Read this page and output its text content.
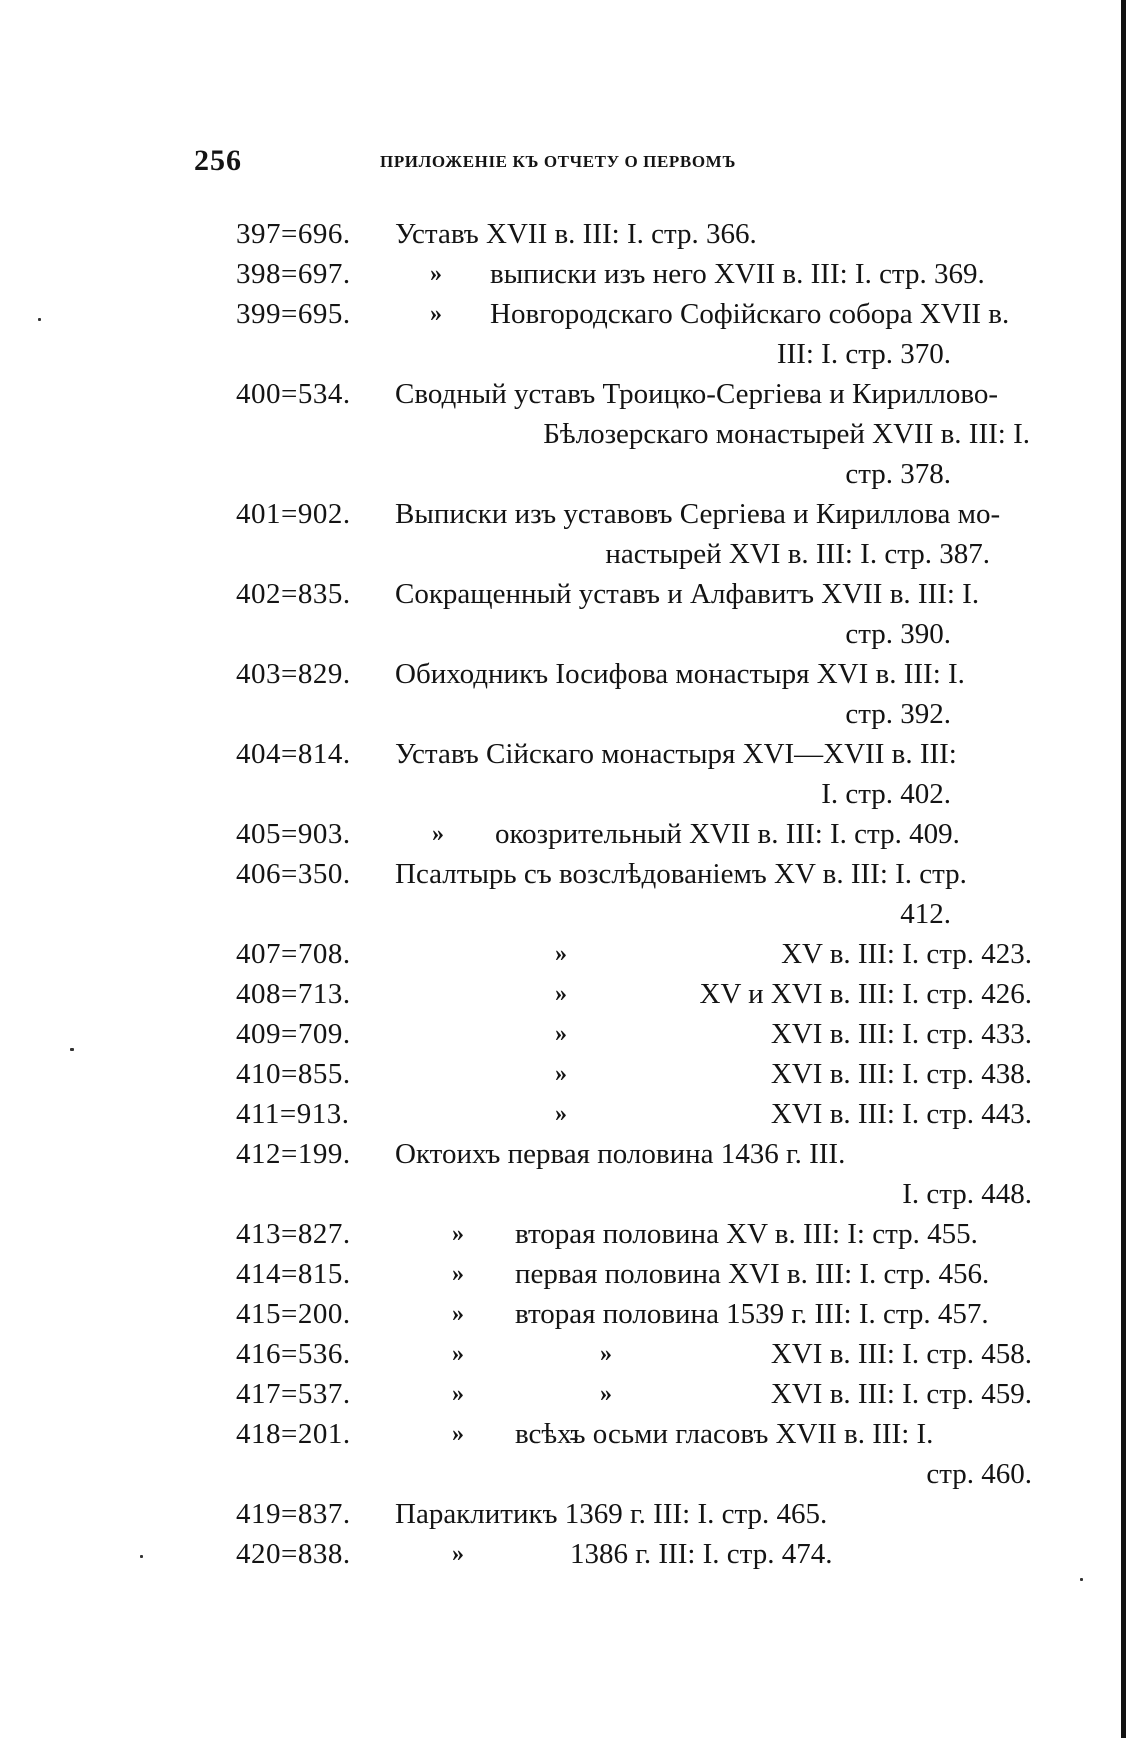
256	ПРИЛОЖЕНІЕ КЪ ОТЧЕТУ О ПЕРВОМЪ
397=696. Уставъ XVII в. III: I. стр. 366.
398=697.	» выписки изъ него XVII в. III: I. стр. 369.
399=695.	» Новгородскаго Софійскаго собора XVII в.
III: I. стр. 370.
400=534. Сводный уставъ Троицко-Сергіева и Кириллово-
Бѣлозерскаго монастырей XVII в. III: I.
стр. 378.
401=902. Выписки изъ уставовъ Сергіева и Кириллова мо-
настырей XVI в. III: I. стр. 387.
402=835. Сокращенный уставъ и Алфавитъ XVII в. III: I.
стр. 390.
403=829. Обиходникъ Іосифова монастыря XVI в. III: I.
стр. 392.
404=814. Уставъ Сійскаго монастыря XVI—XVII в. III:
I. стр. 402.
405=903.	» окозрительный XVII в. III: I. стр. 409.
406=350. Псалтырь съ возслѣдованіемъ XV в. III: I. стр.
412.
407=708.	»	XV в. III: I. стр. 423.
408=713.	»	XV и XVI в. III: I. стр. 426.
409=709.	»	XVI в. III: I. стр. 433.
410=855.	»	XVI в. III: I. стр. 438.
411=913.	»	XVI в. III: I. стр. 443.
412=199. Октоихъ первая половина 1436 г. III.
I. стр. 448.
413=827.	» вторая половина XV в. III: I: стр. 455.
414=815.	» первая половина XVI в. III: I. стр. 456.
415=200.	» вторая половина 1539 г. III: I. стр. 457.
416=536.	»	»	XVI в. III: I. стр. 458.
417=537.	»	»	XVI в. III: I. стр. 459.
418=201.	» всѣхъ осьми гласовъ XVII в. III: I.
стр. 460.
419=837. Параклитикъ 1369 г. III: I. стр. 465.
420=838.	»	1386 г. III: I. стр. 474.
